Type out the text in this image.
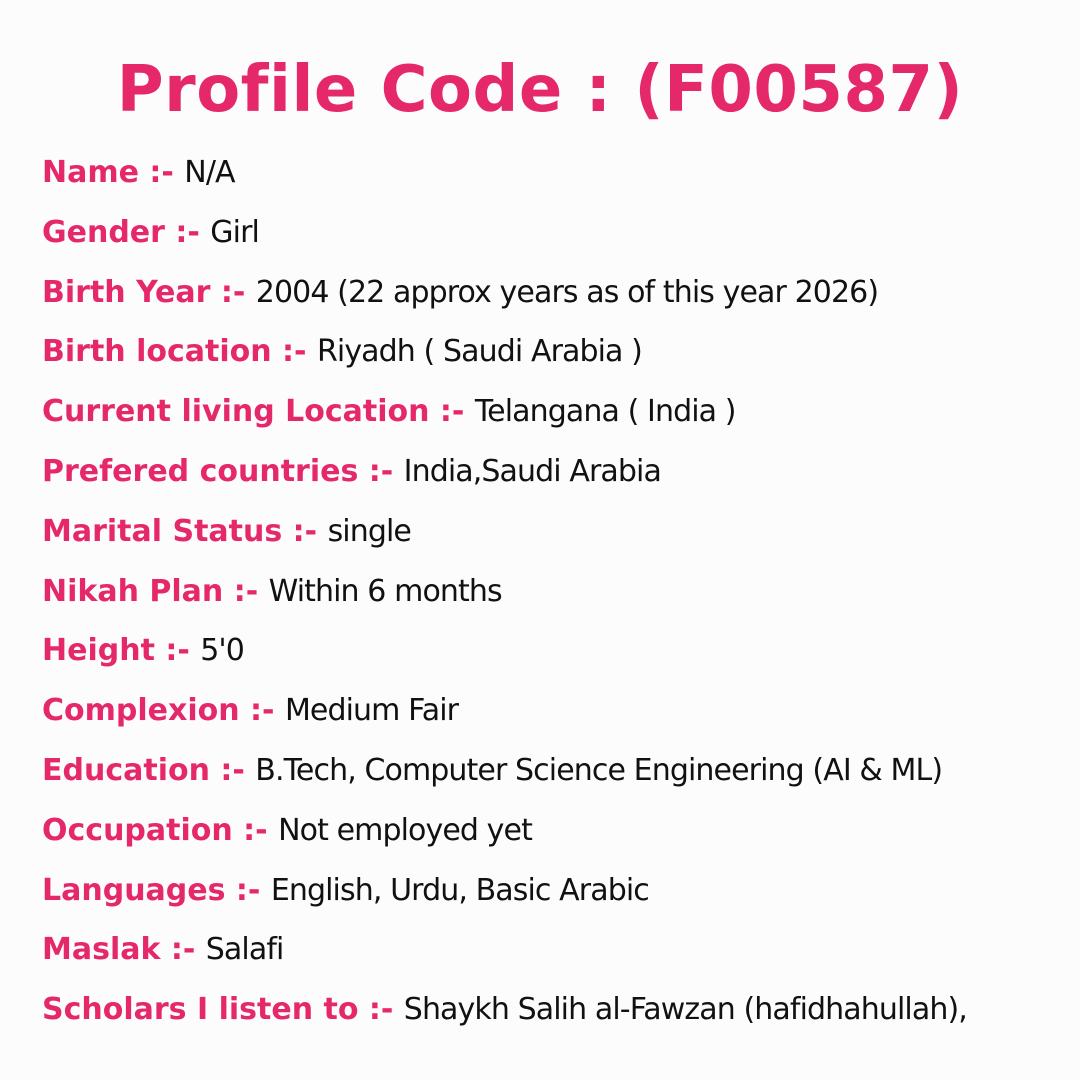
Profile Code : (F00587)
Name :- N/A
Gender :- Girl
Birth Year :- 2004 (22 approx years as of this year 2026)
Birth location :- Riyadh ( Saudi Arabia )
Current living Location :- Telangana ( India )
Prefered countries :- India,Saudi Arabia
Marital Status :- single
Nikah Plan :- Within 6 months
Height :- 5'0
Complexion :- Medium Fair
Education :- B.Tech, Computer Science Engineering (AI & ML)
Occupation :- Not employed yet
Languages :- English, Urdu, Basic Arabic
Maslak :- Salafi
Scholars I listen to :- Shaykh Salih al-Fawzan (hafidhahullah),
